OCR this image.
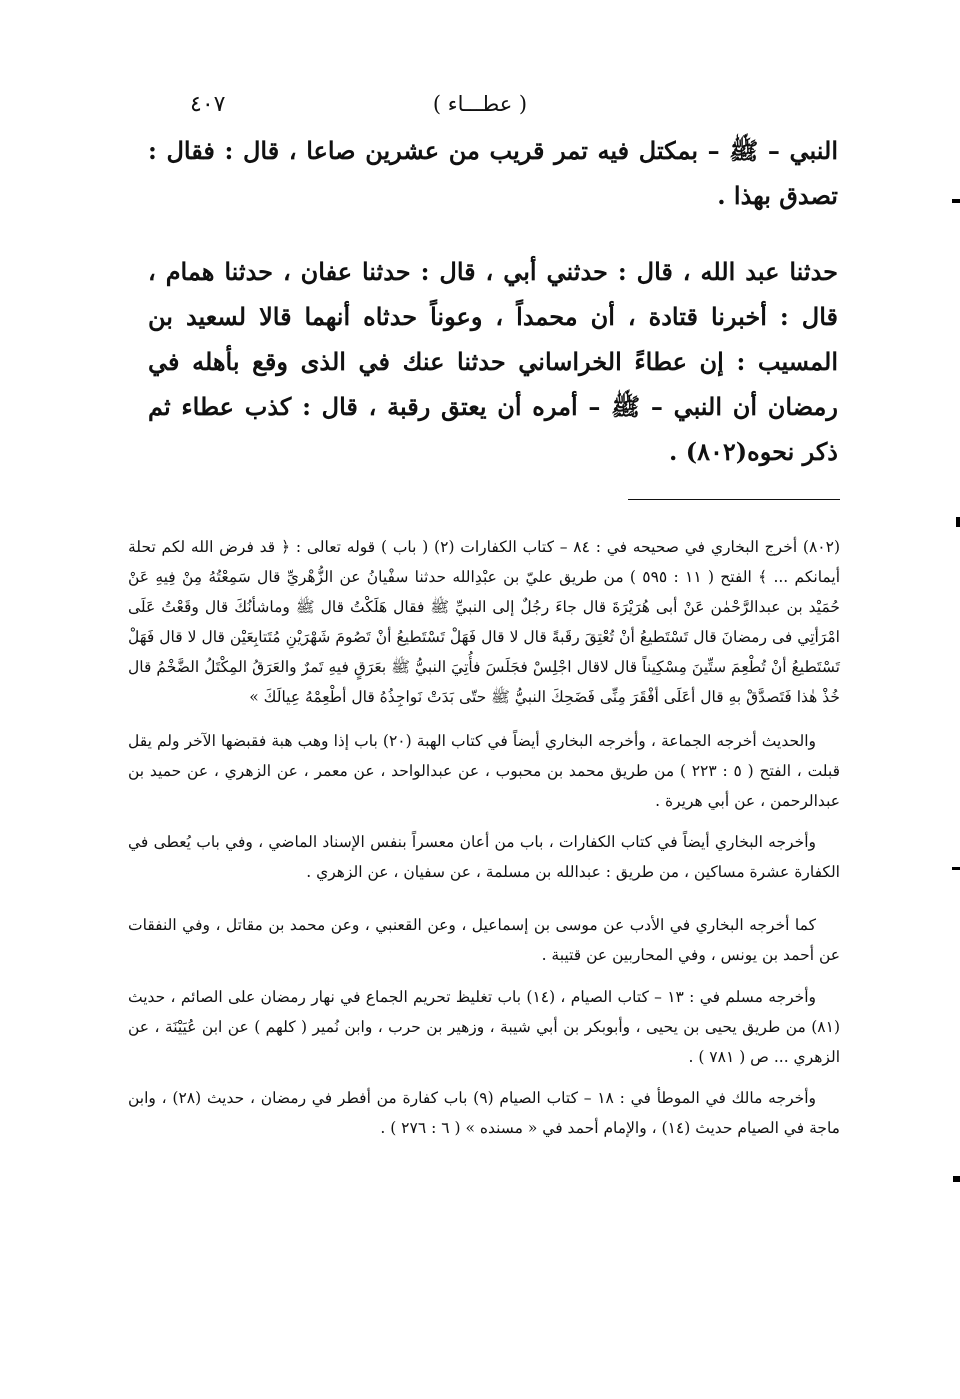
( عطـــاء )
٤٠٧

النبي – ﷺ – بمكتل فيه تمر قريب من عشرين صاعا ، قال : فقال : تصدق بهذا .

حدثنا عبد الله ، قال : حدثني أبي ، قال : حدثنا عفان ، حدثنا همام ، قال : أخبرنا قتادة ، أن محمداً ، وعوناً حدثاه أنهما قالا لسعيد بن المسيب : إن عطاءً الخراساني حدثنا عنك في الذى وقع بأهله في رمضان أن النبي – ﷺ – أمره أن يعتق رقبة ، قال : كذب عطاء ثم ذكر نحوه(٨٠٢) .

(٨٠٢) أخرج البخاري في صحيحه في : ٨٤ – كتاب الكفارات (٢) ( باب ) قوله تعالى : ﴿ قد فرض الله لكم تحلة أيمانكم ... ﴾ الفتح ( ١١ : ٥٩٥ ) من طريق عليّ بن عبْدِالله حدثنا سفْيانُ عن الزُّهْريِّ قال سَمِعْتُهُ مِنْ فِيهِ عَنْ حُمَيْد بن عبدالرَّحْمٰن عَنْ أبى هُرَيْرَةَ قال جاءَ رجُلٌ إلى النبيِّ ﷺ فقال هَلَكْتُ قال ﷺ وماشأنُكَ قال وقَعْتُ عَلَى امْرَأتِي فى رمضانَ قال تَسْتَطيعُ أنْ تُعْتِقَ رقَبةً قال لا قال فَهَلْ تَسْتَطيعُ أنْ تَصُومَ شَهْرَيْنِ مُتَتابِعَيْن قال لا قال فَهَلْ تَسْتَطيعُ أنْ تُطْعِمَ ستِّينَ مِسْكِيناً قال لاقال اجْلِسْ فجَلَسَ فأُتِيَ النبيُّ ﷺ بعَرَقٍ فيهِ تَمرٌ والعَرَقُ المِكْتَلُ الضَّخْمُ قال خُذْ هٰذا فَتَصدَّقْ بهِ قال أعَلَى أفْقَرَ مِنِّى فَضَحِكَ النبيُّ ﷺ حتّى بَدَتْ نَواجِذُهُ قال أطْعِمْهُ عِيالَكَ »

والحديث أخرجه الجماعة ، وأخرجه البخاري أيضاً في كتاب الهبة (٢٠) باب إذا وهب هبة فقبضها الآخر ولم يقل قبلت ، الفتح ( ٥ : ٢٢٣ ) من طريق محمد بن محبوب ، عن عبدالواحد ، عن معمر ، عن الزهري ، عن حميد بن عبدالرحمن ، عن أبي هريرة .

وأخرجه البخاري أيضاً في كتاب الكفارات ، باب من أعان معسراً بنفس الإسناد الماضي ، وفي باب يُعطى في الكفارة عشرة مساكين ، من طريق : عبدالله بن مسلمة ، عن سفيان ، عن الزهري .

كما أخرجه البخاري في الأدب عن موسى بن إسماعيل ، وعن القعنبي ، وعن محمد بن مقاتل ، وفي النفقات عن أحمد بن يونس ، وفي المحاربين عن قتيبة .

وأخرجه مسلم في : ١٣ – كتاب الصيام ، (١٤) باب تغليظ تحريم الجماع في نهار رمضان على الصائم ، حديث (٨١) من طريق يحيى بن يحيى ، وأبوبكر بن أبي شيبة ، وزهير بن حرب ، وابن نُمير ( كلهم ) عن ابن عُيَيْنَة ، عن الزهري ... ص ( ٧٨١ ) .

وأخرجه مالك في الموطأ في : ١٨ – كتاب الصيام (٩) باب كفارة من أفطر في رمضان ، حديث (٢٨) ، وابن ماجة في الصيام حديث (١٤) ، والإمام أحمد في « مسنده » ( ٦ : ٢٧٦ ) .
